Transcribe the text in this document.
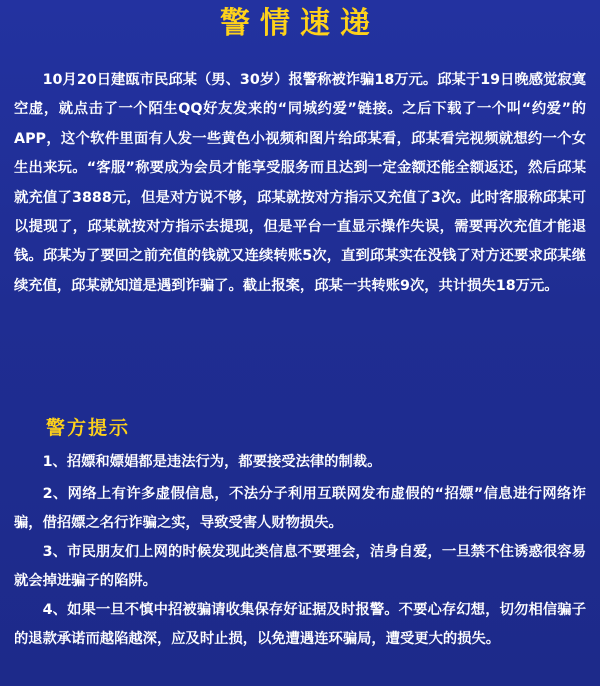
警情速递
10月20日建瓯市民邱某（男、30岁）报警称被诈骗18万元。邱某于19日晚感觉寂寞空虚，就点击了一个陌生QQ好友发来的“同城约爱”链接。之后下载了一个叫“约爱”的APP，这个软件里面有人发一些黄色小视频和图片给邱某看，邱某看完视频就想约一个女生出来玩。“客服”称要成为会员才能享受服务而且达到一定金额还能全额返还，然后邱某就充值了3888元，但是对方说不够，邱某就按对方指示又充值了3次。此时客服称邱某可以提现了，邱某就按对方指示去提现，但是平台一直显示操作失误，需要再次充值才能退钱。邱某为了要回之前充值的钱就又连续转账5次，直到邱某实在没钱了对方还要求邱某继续充值，邱某就知道是遇到诈骗了。截止报案，邱某一共转账9次，共计损失18万元。
警方提示
1、招嫖和嫖娼都是违法行为，都要接受法律的制裁。
2、网络上有许多虚假信息，不法分子利用互联网发布虚假的“招嫖”信息进行网络诈骗，借招嫖之名行诈骗之实，导致受害人财物损失。
3、市民朋友们上网的时候发现此类信息不要理会，洁身自爱，一旦禁不住诱惑很容易就会掉进骗子的陷阱。
4、如果一旦不慎中招被骗请收集保存好证据及时报警。不要心存幻想，切勿相信骗子的退款承诺而越陷越深，应及时止损，以免遭遇连环骗局，遭受更大的损失。
